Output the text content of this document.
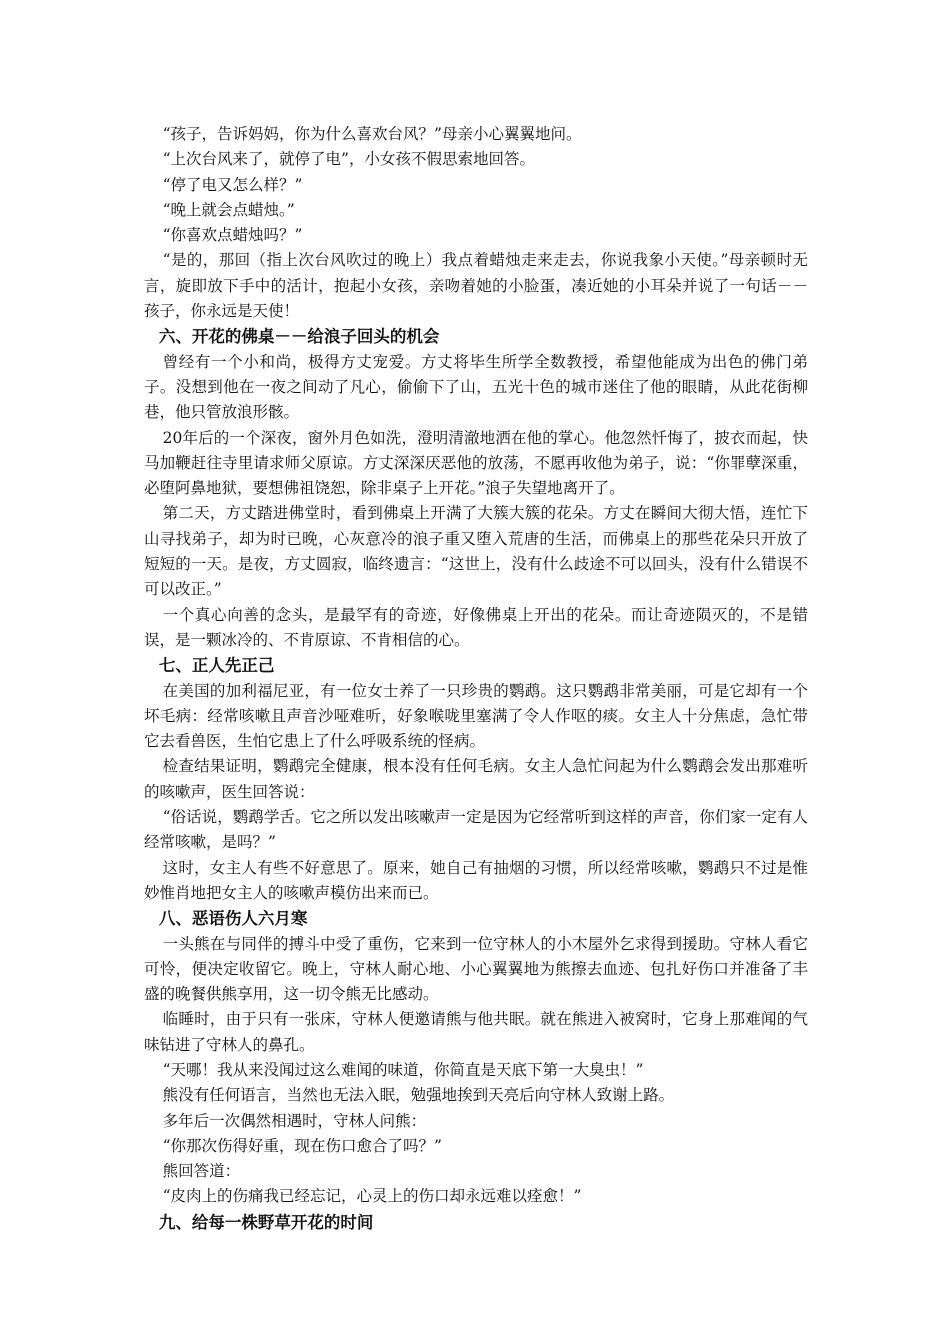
“孩子，告诉妈妈，你为什么喜欢台风？”母亲小心翼翼地问。

“上次台风来了，就停了电”，小女孩不假思索地回答。

“停了电又怎么样？”

“晚上就会点蜡烛。”

“你喜欢点蜡烛吗？”

“是的，那回（指上次台风吹过的晚上）我点着蜡烛走来走去，你说我象小天使。”母亲顿时无言，旋即放下手中的活计，抱起小女孩，亲吻着她的小脸蛋，凑近她的小耳朵并说了一句话－－孩子，你永远是天使！

六、开花的佛桌－－给浪子回头的机会

曾经有一个小和尚，极得方丈宠爱。方丈将毕生所学全数教授，希望他能成为出色的佛门弟子。没想到他在一夜之间动了凡心，偷偷下了山，五光十色的城市迷住了他的眼睛，从此花街柳巷，他只管放浪形骸。

20年后的一个深夜，窗外月色如洗，澄明清澈地洒在他的掌心。他忽然忏悔了，披衣而起，快马加鞭赶往寺里请求师父原谅。方丈深深厌恶他的放荡，不愿再收他为弟子，说：“你罪孽深重，必堕阿鼻地狱，要想佛祖饶恕，除非桌子上开花。”浪子失望地离开了。

第二天，方丈踏进佛堂时，看到佛桌上开满了大簇大簇的花朵。方丈在瞬间大彻大悟，连忙下山寻找弟子，却为时已晚，心灰意冷的浪子重又堕入荒唐的生活，而佛桌上的那些花朵只开放了短短的一天。是夜，方丈圆寂，临终遗言：“这世上，没有什么歧途不可以回头，没有什么错误不可以改正。”

一个真心向善的念头，是最罕有的奇迹，好像佛桌上开出的花朵。而让奇迹陨灭的，不是错误，是一颗冰冷的、不肯原谅、不肯相信的心。

七、正人先正己

在美国的加利福尼亚，有一位女士养了一只珍贵的鹦鹉。这只鹦鹉非常美丽，可是它却有一个坏毛病：经常咳嗽且声音沙哑难听，好象喉咙里塞满了令人作呕的痰。女主人十分焦虑，急忙带它去看兽医，生怕它患上了什么呼吸系统的怪病。

检查结果证明，鹦鹉完全健康，根本没有任何毛病。女主人急忙问起为什么鹦鹉会发出那难听的咳嗽声，医生回答说：

“俗话说，鹦鹉学舌。它之所以发出咳嗽声一定是因为它经常听到这样的声音，你们家一定有人经常咳嗽，是吗？”

这时，女主人有些不好意思了。原来，她自己有抽烟的习惯，所以经常咳嗽，鹦鹉只不过是惟妙惟肖地把女主人的咳嗽声模仿出来而已。

八、恶语伤人六月寒

一头熊在与同伴的搏斗中受了重伤，它来到一位守林人的小木屋外乞求得到援助。守林人看它可怜，便决定收留它。晚上，守林人耐心地、小心翼翼地为熊擦去血迹、包扎好伤口并准备了丰盛的晚餐供熊享用，这一切令熊无比感动。

临睡时，由于只有一张床，守林人便邀请熊与他共眠。就在熊进入被窝时，它身上那难闻的气味钻进了守林人的鼻孔。

“天哪！我从来没闻过这么难闻的味道，你简直是天底下第一大臭虫！”

熊没有任何语言，当然也无法入眠，勉强地挨到天亮后向守林人致谢上路。

多年后一次偶然相遇时，守林人问熊：

“你那次伤得好重，现在伤口愈合了吗？”

熊回答道：

“皮肉上的伤痛我已经忘记，心灵上的伤口却永远难以痊愈！”

九、给每一株野草开花的时间
